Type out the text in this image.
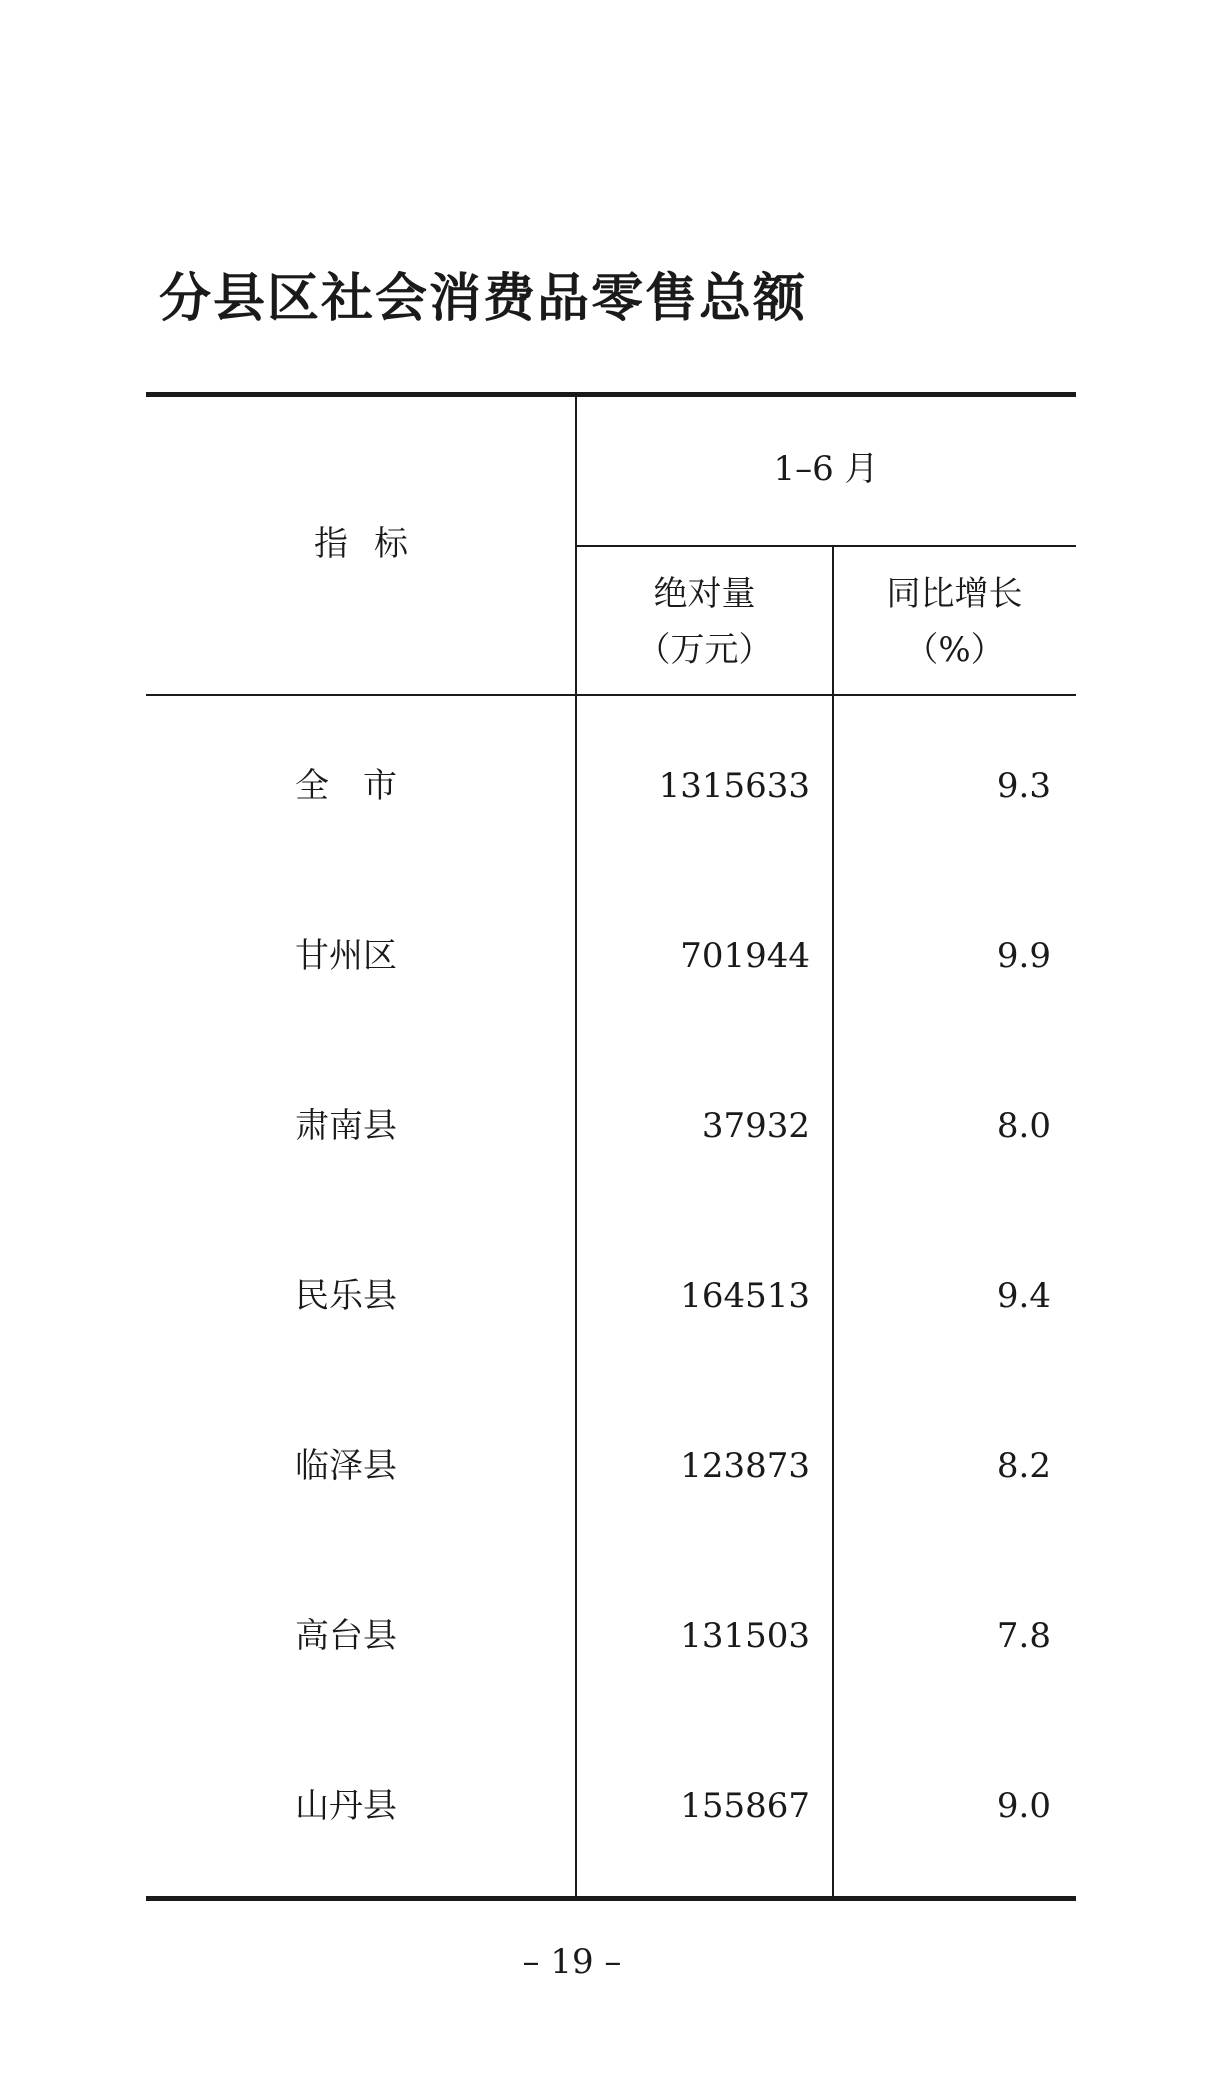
分县区社会消费品零售总额
指标
1–6 月
绝对量
（万元）
同比增长
（%）
全市	1315633	9.3
甘州区	701944	9.9
肃南县	37932	8.0
民乐县	164513	9.4
临泽县	123873	8.2
高台县	131503	7.8
山丹县	155867	9.0
– 19 –
